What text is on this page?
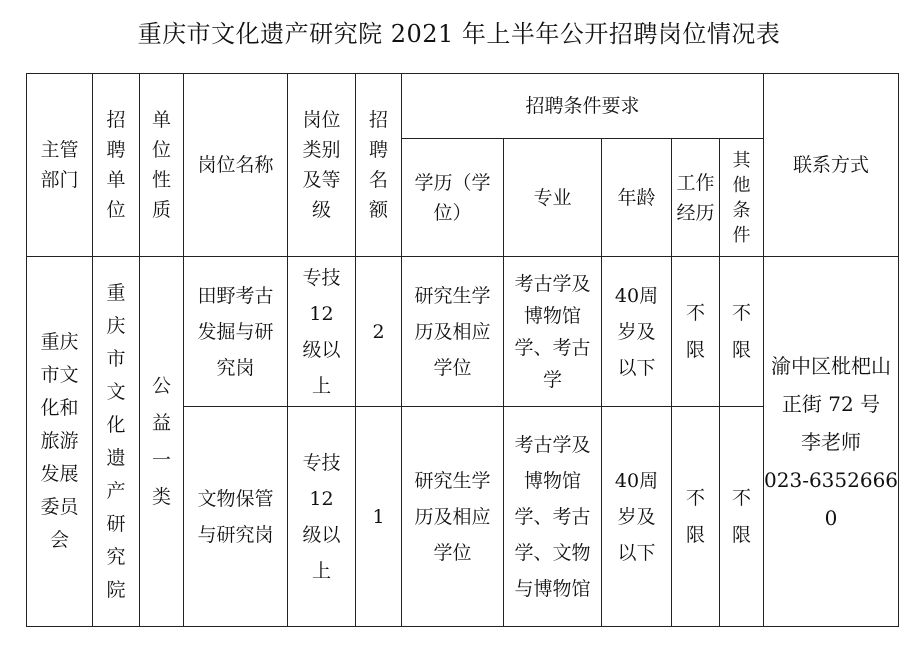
重庆市文化遗产研究院 2021 年上半年公开招聘岗位情况表
主管部门	招聘单位	单位性质	岗位名称	岗位类别及等级	招聘名额	招聘条件要求					联系方式
						学历（学位）	专业	年龄	工作经历	其他条件	
重庆市文化和旅游发展委员会	重庆市文化遗产研究院	公益一类	田野考古发掘与研究岗	专技12级以上	2	研究生学历及相应学位	考古学及博物馆学、考古学	40周岁及以下	不限	不限	渝中区枇杷山正街 72 号
李老师
023-63526660

			文物保管与研究岗	专技12级以上	1	研究生学历及相应学位	考古学及博物馆学、考古学、文物与博物馆	40周岁及以下	不限	不限	
